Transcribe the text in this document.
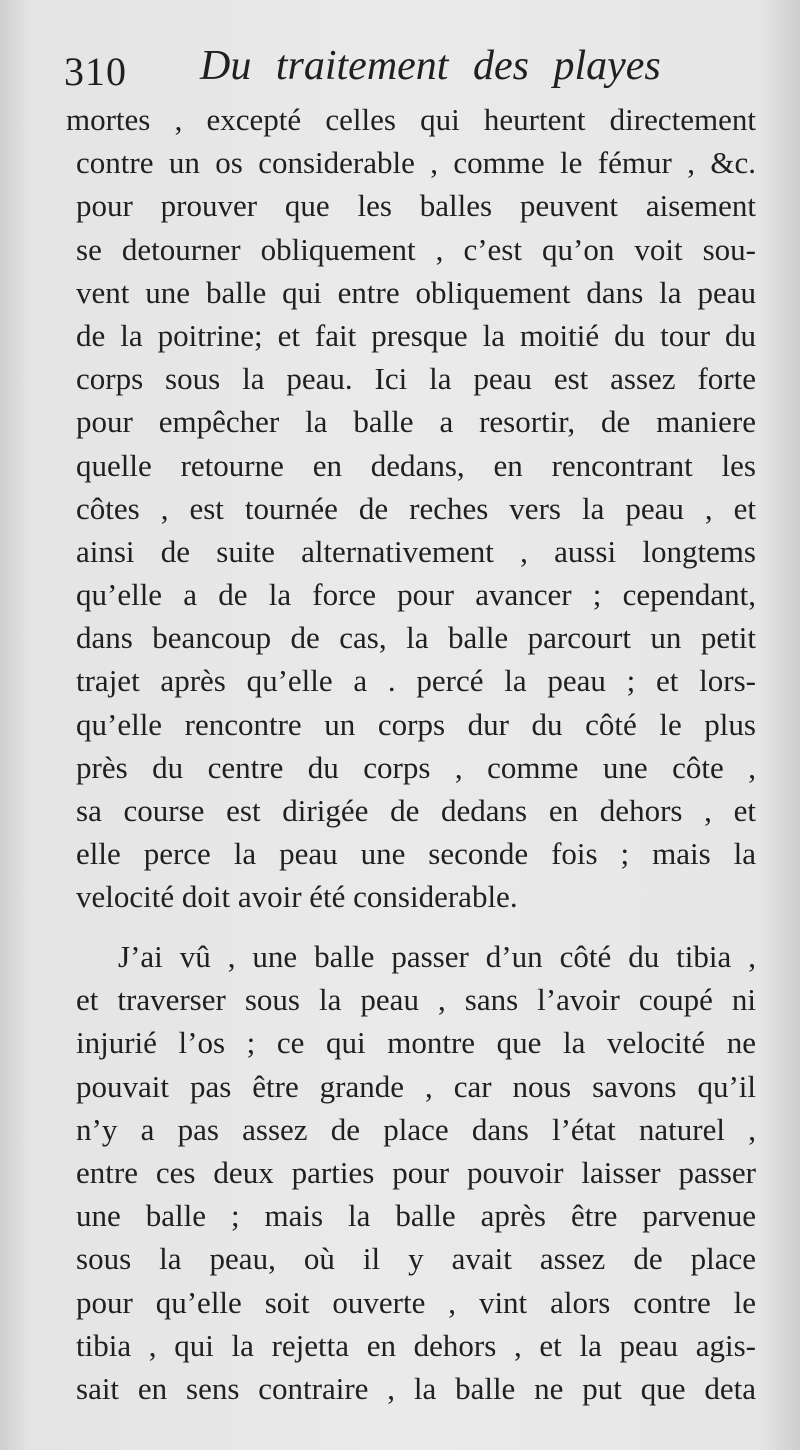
310 Du traitement des playes
mortes , excepté celles qui heurtent directement
contre un os considerable , comme le fémur , &c.
pour prouver que les balles peuvent aisement
se detourner obliquement , c’est qu’on voit sou-
vent une balle qui entre obliquement dans la peau
de la poitrine; et fait presque la moitié du tour du
corps sous la peau. Ici la peau est assez forte
pour empêcher la balle a resortir, de maniere
quelle retourne en dedans, en rencontrant les
côtes , est tournée de reches vers la peau , et
ainsi de suite alternativement , aussi longtems
qu’elle a de la force pour avancer ; cependant,
dans beancoup de cas, la balle parcourt un petit
trajet après qu’elle a . percé la peau ; et lors-
qu’elle rencontre un corps dur du côté le plus
près du centre du corps , comme une côte ,
sa course est dirigée de dedans en dehors , et
elle perce la peau une seconde fois ; mais la
velocité doit avoir été considerable.
J’ai vû , une balle passer d’un côté du tibia ,
et traverser sous la peau , sans l’avoir coupé ni
injurié l’os ; ce qui montre que la velocité ne
pouvait pas être grande , car nous savons qu’il
n’y a pas assez de place dans l’état naturel ,
entre ces deux parties pour pouvoir laisser passer
une balle ; mais la balle après être parvenue
sous la peau, où il y avait assez de place
pour qu’elle soit ouverte , vint alors contre le
tibia , qui la rejetta en dehors , et la peau agis-
sait en sens contraire , la balle ne put que deta
